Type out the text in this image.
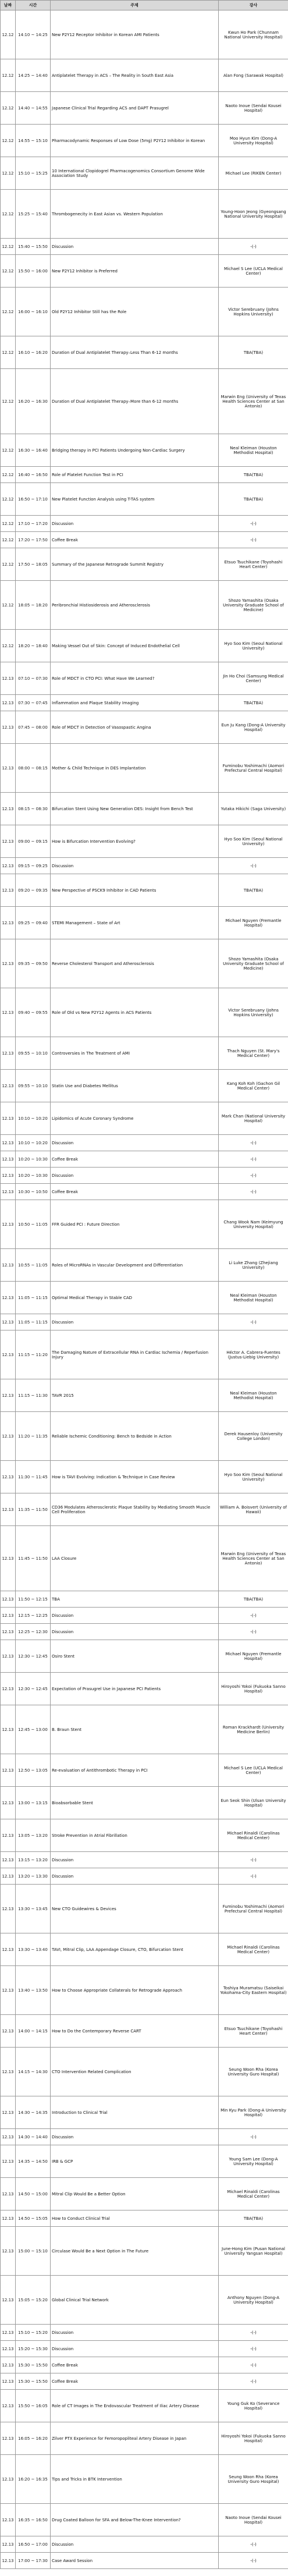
날짜	시간	주제	강사
12.12	14:10 ~ 14:25	New P2Y12 Receptor Inhibitor in Korean AMI Patients	Kwun Ho Park (Chunnam National University Hospital)
12.12	14:25 ~ 14:40	Antiplatelet Therapy in ACS – The Reality in South East Asia	Alan Fong (Sarawak Hospital)
12.12	14:40 ~ 14:55	Japanese Clinical Trial Regarding ACS and DAPT Prasugrel	Naoto Inoue (Sendai Kousei Hospital)
12.12	14:55 ~ 15:10	Pharmacodynamic Responses of Low Dose (5mg) P2Y12 Inhibitor in Korean	Moo Hyun Kim (Dong-A University Hospital)
12.12	15:10 ~ 15:25	10 International Clopidogrel Pharmacogenomics Consortium Genome Wide Association Study	Michael Lee (RIKEN Center)
12.12	15:25 ~ 15:40	Thrombogenecity in East Asian vs. Western Population	Young-Hoon Jeong (Gyeongsang National University Hospital)
12.12	15:40 ~ 15:50	Discussion	-(-)
12.12	15:50 ~ 16:00	New P2Y12 Inhibitor is Preferred	Michael S Lee (UCLA Medical Center)
12.12	16:00 ~ 16:10	Old P2Y12 Inhibitor Still has the Role	Victor Serebruany (Johns Hopkins University)
12.12	16:10 ~ 16:20	Duration of Dual Antiplatelet Therapy–Less Than 6-12 months	TBA(TBA)
12.12	16:20 ~ 16:30	Duration of Dual Antiplatelet Therapy–More than 6-12 months	Marwin Eng (University of Texas Health Sciences Center at San Antonio)
12.12	16:30 ~ 16:40	Bridging therapy in PCI Patients Undergoing Non-Cardiac Surgery	Neal Kleiman (Houston Methodist Hospital)
12.12	16:40 ~ 16:50	Role of Platelet Function Test in PCI	TBA(TBA)
12.12	16:50 ~ 17:10	New Platelet Function Analysis using T-TAS system	TBA(TBA)
12.12	17:10 ~ 17:20	Discussion	-(-)
12.12	17:20 ~ 17:50	Coffee Break	-(-)
12.12	17:50 ~ 18:05	Summary of the Japanese Retrograde Summit Registry	Etsuo Tsuchikane (Toyohashi Heart Center)
12.12	18:05 ~ 18:20	Peribronchial Histiosiderosis and Atherosclerosis	Shozo Yamashita (Osaka University Graduate School of Medicine)
12.12	18:20 ~ 18:40	Making Vessel Out of Skin: Concept of Induced Endothelial Cell	Hyo Soo Kim (Seoul National University)
12.13	07:10 ~ 07:30	Role of MDCT in CTO PCI: What Have We Learned?	Jin Ho Choi (Samsung Medical Center)
12.13	07:30 ~ 07:45	Inflammation and Plaque Stability Imaging	TBA(TBA)
12.13	07:45 ~ 08:00	Role of MDCT in Detection of Vasospastic Angina	Eun Ju Kang (Dong-A University Hospital)
12.13	08:00 ~ 08:15	Mother & Child Technique in DES Implantation	Fuminobu Yoshimachi (Aomori Prefectural Central Hospital)
12.13	08:15 ~ 08:30	Bifurcation Stent Using New Generation DES: Insight from Bench Test	Yutaka Hikichi (Saga University)
12.13	09:00 ~ 09:15	How is Bifurcation Intervention Evolving?	Hyo Soo Kim (Seoul National University)
12.13	09:15 ~ 09:25	Discussion	-(-)
12.13	09:20 ~ 09:35	New Perspective of PSCK9 Inhibitor in CAD Patients	TBA(TBA)
12.13	09:25 ~ 09:40	STEMI Management – State of Art	Michael Nguyen (Fremantle Hospital)
12.13	09:35 ~ 09:50	Reverse Cholesterol Transport and Atherosclerosis	Shozo Yamashita (Osaka University Graduate School of Medicine)
12.13	09:40 ~ 09:55	Role of Old vs New P2Y12 Agents in ACS Patients	Victor Serebruany (Johns Hopkins University)
12.13	09:55 ~ 10:10	Controversies in The Treatment of AMI	Thach Nguyen (St. Mary's Medical Center)
12.13	09:55 ~ 10:10	Statin Use and Diabetes Mellitus	Kang Koh Koh (Gachon Gil Medical Center)
12.13	10:10 ~ 10:20	Lipidomics of Acute Coronary Syndrome	Mark Chan (National University Hospital)
12.13	10:10 ~ 10:20	Discussion	-(-)
12.13	10:20 ~ 10:30	Coffee Break	-(-)
12.13	10:20 ~ 10:30	Discussion	-(-)
12.13	10:30 ~ 10:50	Coffee Break	-(-)
12.13	10:50 ~ 11:05	FFR Guided PCI : Future Direction	Chang Wook Nam (Keimyung University Hospital)
12.13	10:55 ~ 11:05	Roles of MicroRNAs in Vascular Development and Differentiation	Li Luke Zhang (Zhejiang University)
12.13	11:05 ~ 11:15	Optimal Medical Therapy in Stable CAD	Neal Kleiman (Houston Methodist Hospital)
12.13	11:05 ~ 11:15	Discussion	-(-)
12.13	11:15 ~ 11:20	The Damaging Nature of Extracellular RNA in Cardiac Ischemia / Reperfusion Injury	Héctor A. Cabrera-Fuentes (Justus-Liebig University)
12.13	11:15 ~ 11:30	TAVR 2015	Neal Kleiman (Houston Methodist Hospital)
12.13	11:20 ~ 11:35	Reliable Ischemic Conditioning: Bench to Bedside in Action	Derek Hausenloy (University College London)
12.13	11:30 ~ 11:45	How is TAVI Evolving: Indication & Technique in Case Review	Hyo Soo Kim (Seoul National University)
12.13	11:35 ~ 11:50	CD36 Modulates Atherosclerotic Plaque Stability by Mediating Smooth Muscle Cell Proliferation	William A. Boisvert (University of Hawaii)
12.13	11:45 ~ 11:50	LAA Closure	Marwin Eng (University of Texas Health Sciences Center at San Antonio)
12.13	11:50 ~ 12:15	TBA	TBA(TBA)
12.13	12:15 ~ 12:25	Discussion	-(-)
12.13	12:25 ~ 12:30	Discussion	-(-)
12.13	12:30 ~ 12:45	Osiro Stent	Michael Nguyen (Fremantle Hospital)
12.13	12:30 ~ 12:45	Expectation of Prasugrel Use in Japanese PCI Patients	Hiroyoshi Yokoi (Fukuoka Sanno Hospital)
12.13	12:45 ~ 13:00	B. Braun Stent	Roman Krackhardt (University Medicine Berlin)
12.13	12:50 ~ 13:05	Re-evaluation of Antithrombotic Therapy in PCI	Michael S Lee (UCLA Medical Center)
12.13	13:00 ~ 13:15	Bioabsorbable Stent	Eun Seok Shin (Ulsan University Hospital)
12.13	13:05 ~ 13:20	Stroke Prevention in Atrial Fibrillation	Michael Rinaldi (Carolinas Medical Center)
12.13	13:15 ~ 13:20	Discussion	-(-)
12.13	13:20 ~ 13:30	Discussion	-(-)
12.13	13:30 ~ 13:45	New CTO Guidewires & Devices	Fuminobu Yoshimachi (Aomori Prefectural Central Hospital)
12.13	13:30 ~ 13:40	TAVI, Mitral Clip, LAA Appendage Closure, CTO, Bifurcation Stent	Michael Rinaldi (Carolinas Medical Center)
12.13	13:40 ~ 13:50	How to Choose Appropriate Collaterals for Retrograde Approach	Toshiya Muramatsu (Saiseikai Yokohama-City Eastern Hospital)
12.13	14:00 ~ 14:15	How to Do the Contemporary Reverse CART	Etsuo Tsuchikane (Toyohashi Heart Center)
12.13	14:15 ~ 14:30	CTO Intervention Related Complication	Seung Woon Rha (Korea University Guro Hospital)
12.13	14:30 ~ 14:35	Introduction to Clinical Trial	Min Kyu Park (Dong-A University Hospital)
12.13	14:30 ~ 14:40	Discussion	-(-)
12.13	14:35 ~ 14:50	IRB & GCP	Young Sam Lee (Dong-A University Hospital)
12.13	14:50 ~ 15:00	Mitral Clip Would Be a Better Option	Michael Rinaldi (Carolinas Medical Center)
12.13	14:50 ~ 15:05	How to Conduct Clinical Trial	TBA(TBA)
12.13	15:00 ~ 15:10	Circulase Would Be a Next Option in The Future	June-Hong Kim (Pusan National University Yangsan Hospital)
12.13	15:05 ~ 15:20	Global Clinical Trial Network	Anthony Nguyen (Dong-A University Hospital)
12.13	15:10 ~ 15:20	Discussion	-(-)
12.13	15:20 ~ 15:30	Discussion	-(-)
12.13	15:30 ~ 15:50	Coffee Break	-(-)
12.13	15:30 ~ 15:50	Coffee Break	-(-)
12.13	15:50 ~ 16:05	Role of CT Images in The Endovascular Treatment of Iliac Artery Disease	Young Guk Ko (Severance Hospital)
12.13	16:05 ~ 16:20	Zilver PTX Experience for Femoropopliteal Artery Disease in Japan	Hiroyoshi Yokoi (Fukuoka Sanno Hospital)
12.13	16:20 ~ 16:35	Tips and Tricks in BTK Intervention	Seung Woon Rha (Korea University Guro Hospital)
12.13	16:35 ~ 16:50	Drug Coated Balloon for SFA and Below-The-Knee Intervention?	Naoto Inoue (Sendai Kousei Hospital)
12.13	16:50 ~ 17:00	Discussion	-(-)
12.13	17:00 ~ 17:30	Case Award Session	-(-)
